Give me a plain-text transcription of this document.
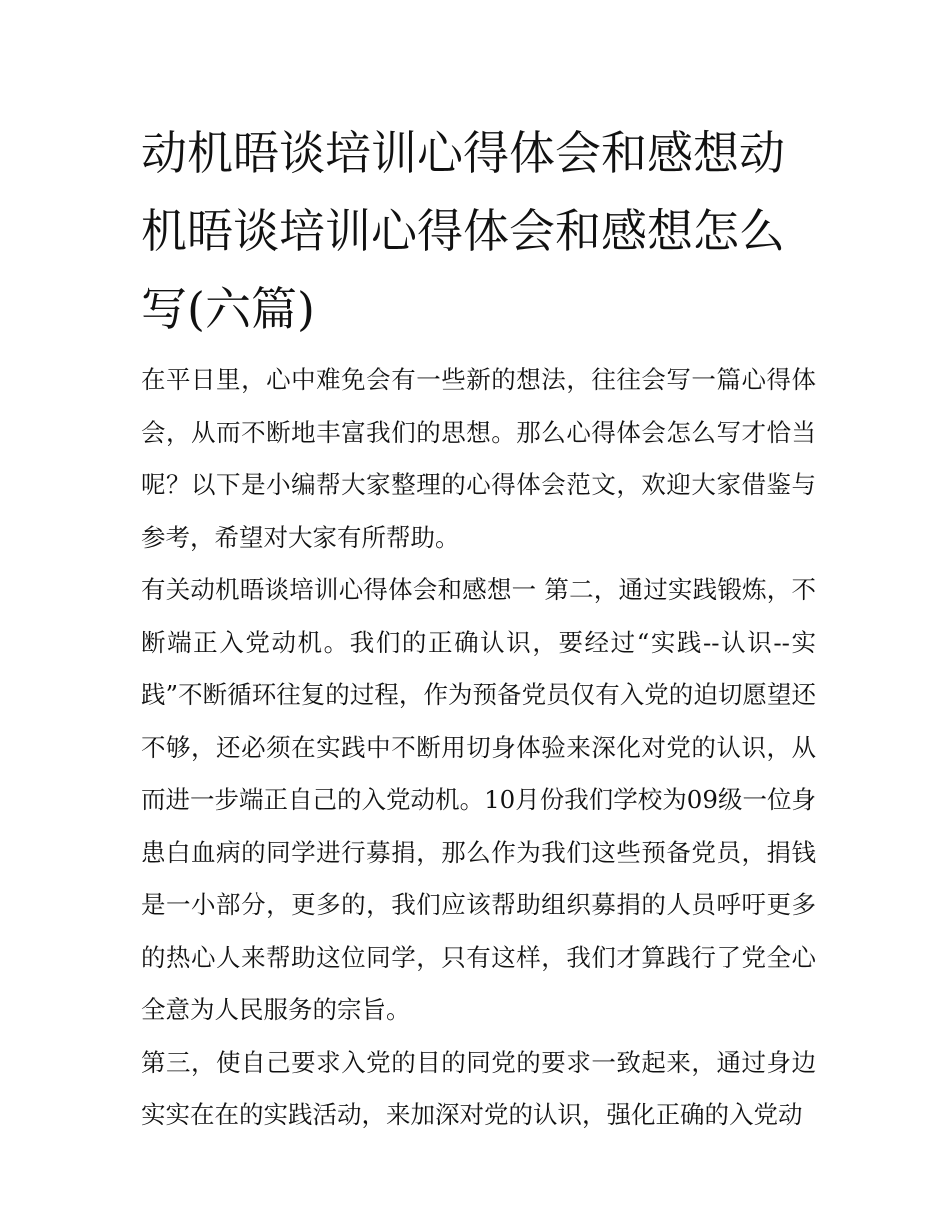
动机晤谈培训心得体会和感想动机晤谈培训心得体会和感想怎么写(六篇)

在平日里，心中难免会有一些新的想法，往往会写一篇心得体会，从而不断地丰富我们的思想。那么心得体会怎么写才恰当呢？以下是小编帮大家整理的心得体会范文，欢迎大家借鉴与参考，希望对大家有所帮助。

有关动机晤谈培训心得体会和感想一 第二，通过实践锻炼，不断端正入党动机。我们的正确认识，要经过“实践--认识--实践”不断循环往复的过程，作为预备党员仅有入党的迫切愿望还不够，还必须在实践中不断用切身体验来深化对党的认识，从而进一步端正自己的入党动机。10月份我们学校为09级一位身患白血病的同学进行募捐，那么作为我们这些预备党员，捐钱是一小部分，更多的，我们应该帮助组织募捐的人员呼吁更多的热心人来帮助这位同学，只有这样，我们才算践行了党全心全意为人民服务的宗旨。

第三，使自己要求入党的目的同党的要求一致起来，通过身边实实在在的实践活动，来加深对党的认识，强化正确的入党动
